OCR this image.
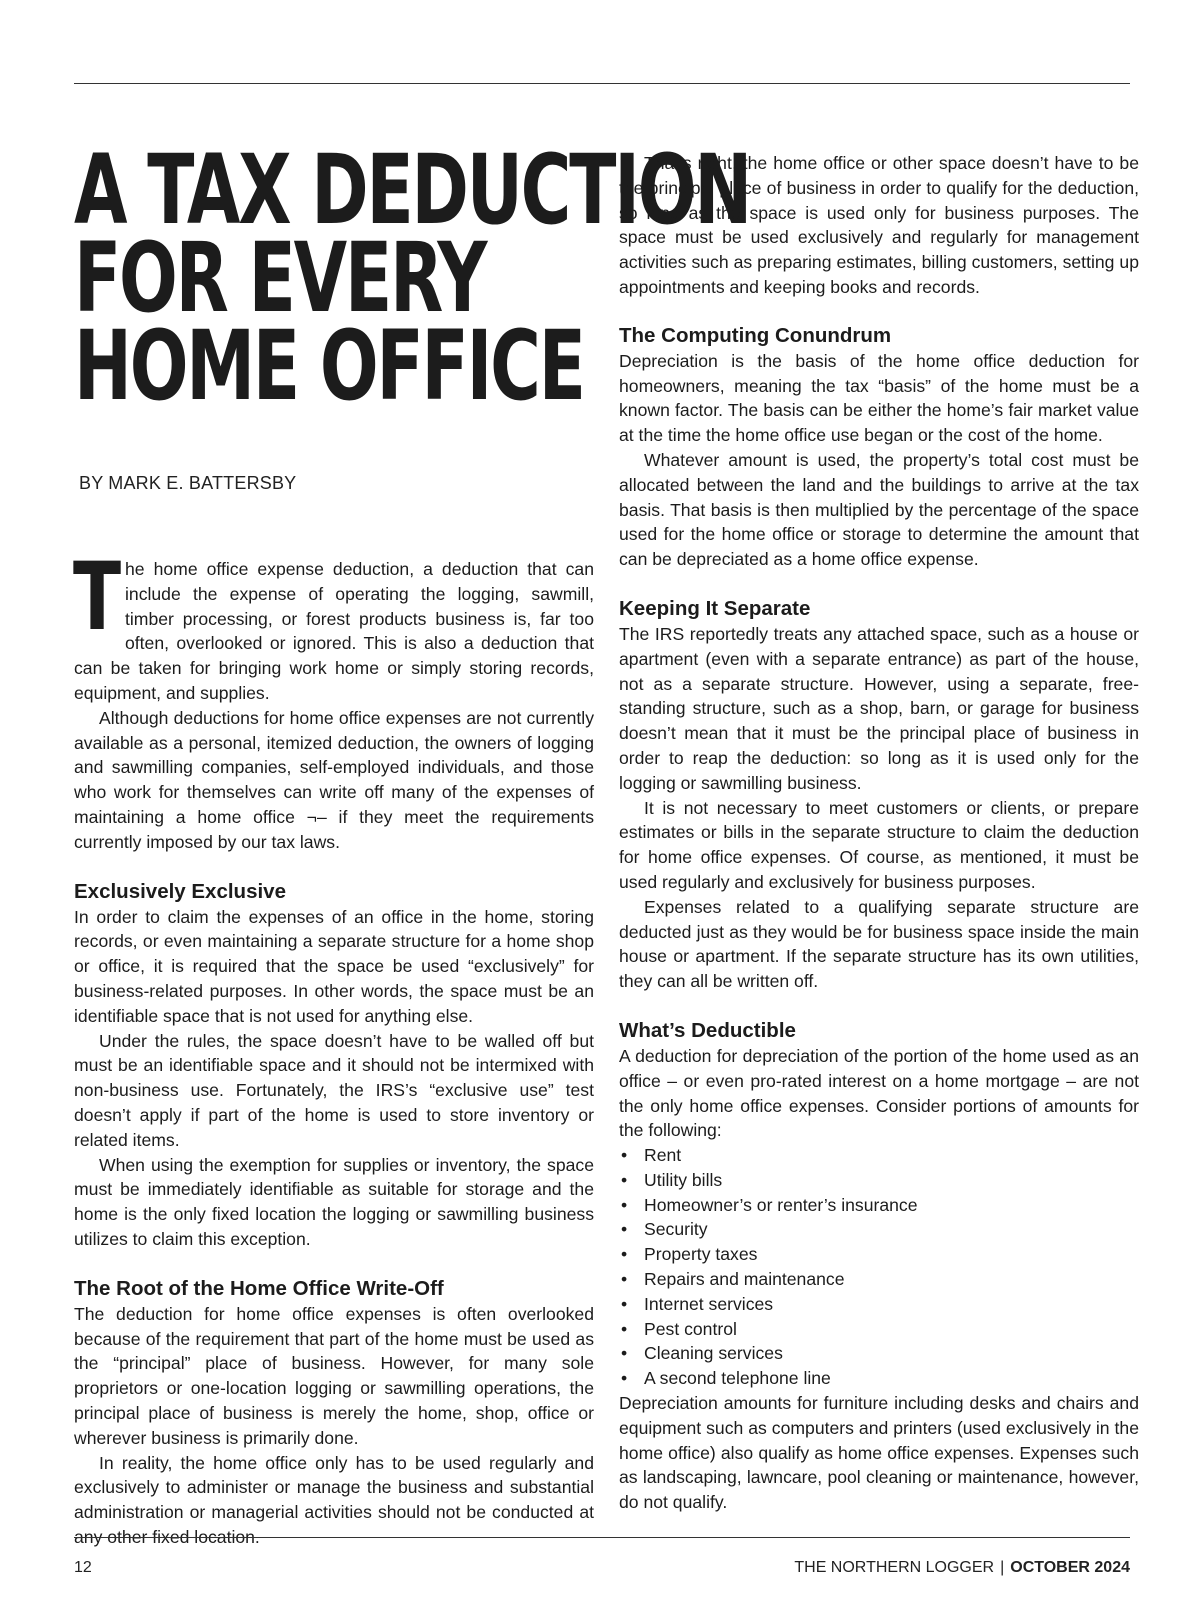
A TAX DEDUCTION
FOR EVERY
HOME OFFICE
BY MARK E. BATTERSBY

The home office expense deduction, a deduction that can include the expense of operating the logging, sawmill, timber processing, or forest products business is, far too often, overlooked or ignored. This is also a deduction that can be taken for bringing work home or simply storing records, equipment, and supplies.

Although deductions for home office expenses are not currently available as a personal, itemized deduction, the owners of logging and sawmilling companies, self-employed individuals, and those who work for themselves can write off many of the expenses of maintaining a home office ¬– if they meet the requirements currently imposed by our tax laws.

Exclusively Exclusive

In order to claim the expenses of an office in the home, storing records, or even maintaining a separate structure for a home shop or office, it is required that the space be used “exclusively” for business-related purposes. In other words, the space must be an identifiable space that is not used for anything else.

Under the rules, the space doesn’t have to be walled off but must be an identifiable space and it should not be intermixed with non-business use. Fortunately, the IRS’s “exclusive use” test doesn’t apply if part of the home is used to store inventory or related items.

When using the exemption for supplies or inventory, the space must be immediately identifiable as suitable for storage and the home is the only fixed location the logging or sawmilling business utilizes to claim this exception.

The Root of the Home Office Write-Off

The deduction for home office expenses is often overlooked because of the requirement that part of the home must be used as the “principal” place of business. However, for many sole proprietors or one-location logging or sawmilling operations, the principal place of business is merely the home, shop, office or wherever business is primarily done.

In reality, the home office only has to be used regularly and exclusively to administer or manage the business and substantial administration or managerial activities should not be conducted at any other fixed location.

That’s right, the home office or other space doesn’t have to be the principal place of business in order to qualify for the deduction, so long as the space is used only for business purposes. The space must be used exclusively and regularly for management activities such as preparing estimates, billing customers, setting up appointments and keeping books and records.

The Computing Conundrum

Depreciation is the basis of the home office deduction for homeowners, meaning the tax “basis” of the home must be a known factor. The basis can be either the home’s fair market value at the time the home office use began or the cost of the home.

Whatever amount is used, the property’s total cost must be allocated between the land and the buildings to arrive at the tax basis. That basis is then multiplied by the percentage of the space used for the home office or storage to determine the amount that can be depreciated as a home office expense.

Keeping It Separate

The IRS reportedly treats any attached space, such as a house or apartment (even with a separate entrance) as part of the house, not as a separate structure. However, using a separate, free-standing structure, such as a shop, barn, or garage for business doesn’t mean that it must be the principal place of business in order to reap the deduction: so long as it is used only for the logging or sawmilling business.

It is not necessary to meet customers or clients, or prepare estimates or bills in the separate structure to claim the deduction for home office expenses. Of course, as mentioned, it must be used regularly and exclusively for business purposes.

Expenses related to a qualifying separate structure are deducted just as they would be for business space inside the main house or apartment. If the separate structure has its own utilities, they can all be written off.

What’s Deductible

A deduction for depreciation of the portion of the home used as an office – or even pro-rated interest on a home mortgage – are not the only home office expenses. Consider portions of amounts for the following:

• Rent
• Utility bills
• Homeowner’s or renter’s insurance
• Security
• Property taxes
• Repairs and maintenance
• Internet services
• Pest control
• Cleaning services
• A second telephone line

Depreciation amounts for furniture including desks and chairs and equipment such as computers and printers (used exclusively in the home office) also qualify as home office expenses. Expenses such as landscaping, lawncare, pool cleaning or maintenance, however, do not qualify.

12	THE NORTHERN LOGGER | OCTOBER 2024
